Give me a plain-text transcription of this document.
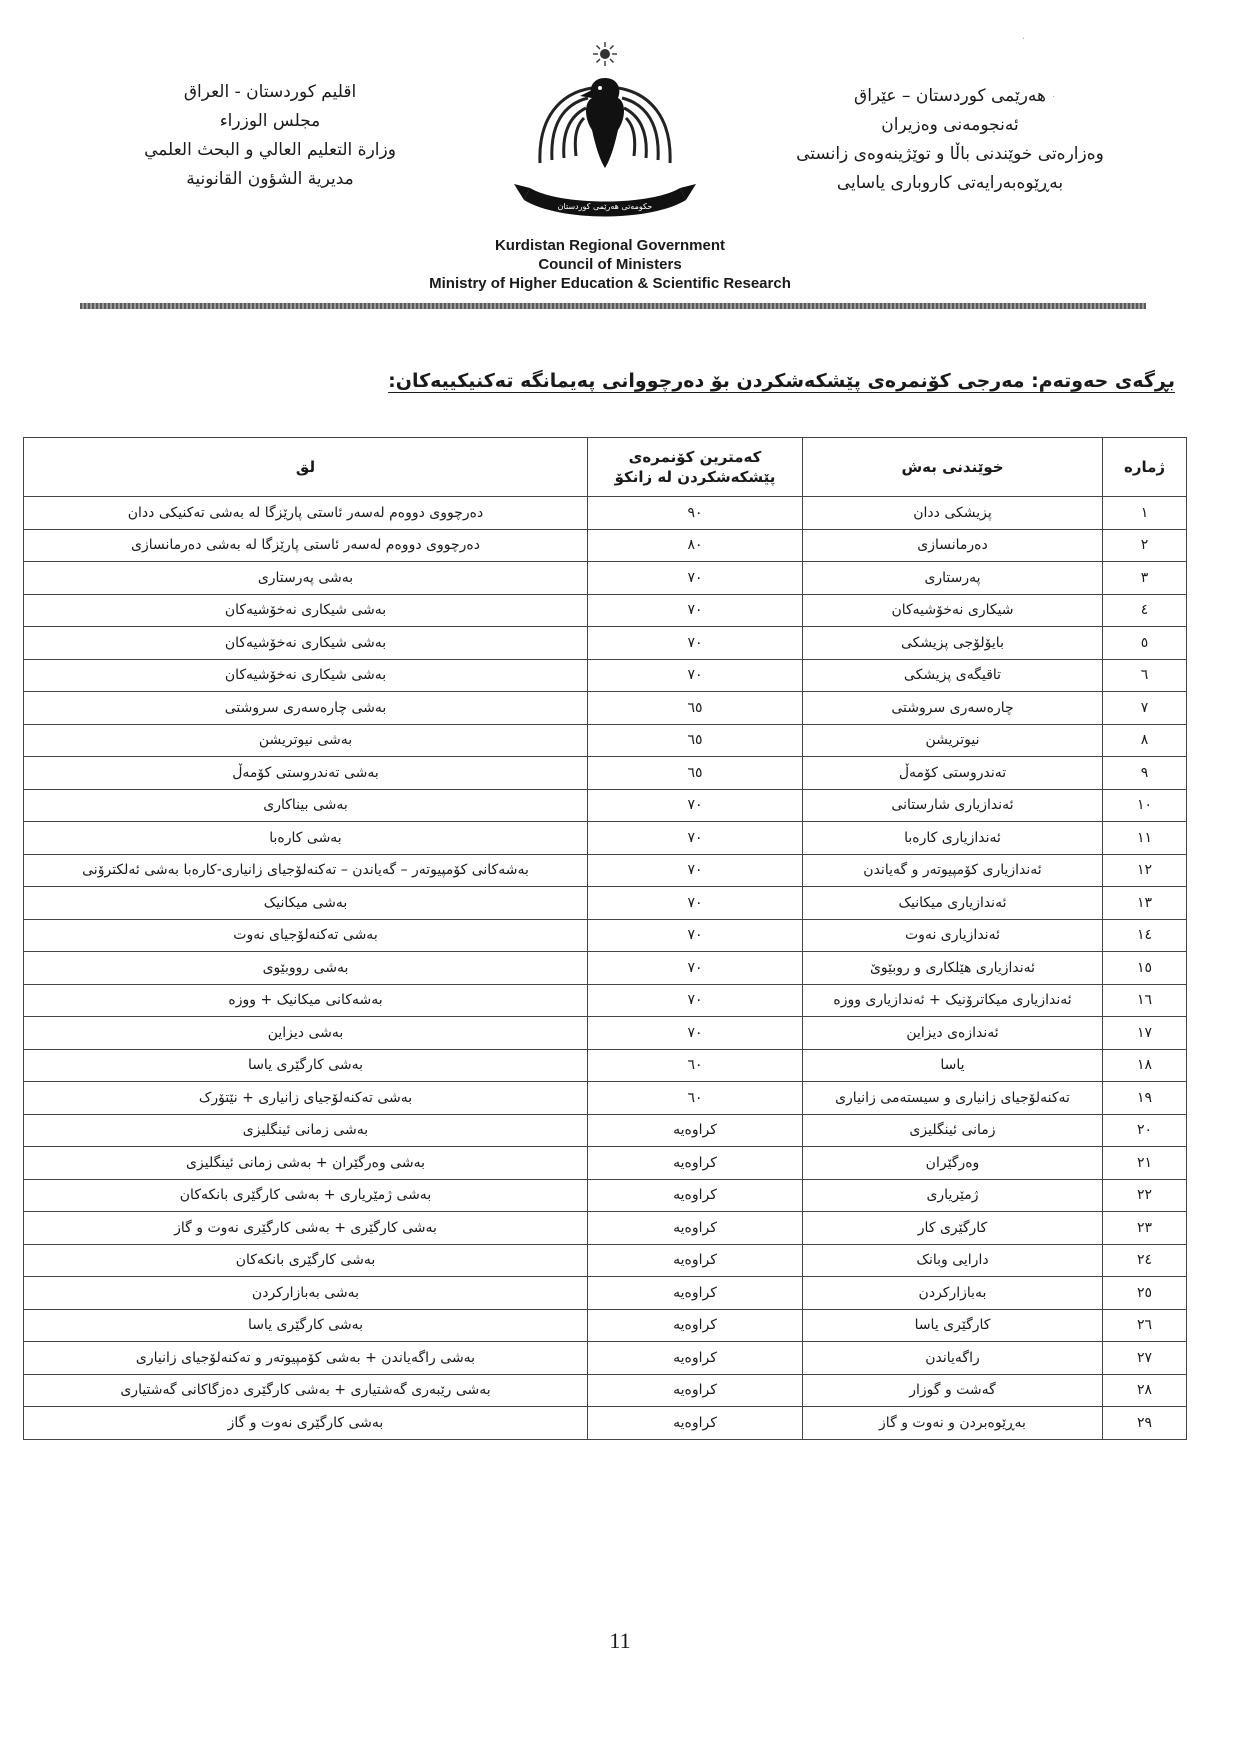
اقليم كوردستان - العراق
مجلس الوزراء
وزارة التعليم العالي و البحث العلمي
مديرية الشؤون القانونية
حکومەتی هەرێمی کوردستان
هەرێمی کوردستان – عێراق
ئەنجومەنی وەزیران
وەزارەتی خوێندنی باڵا و توێژینەوەی زانستی
بەڕێوەبەرایەتی کاروباری یاسایی
Kurdistan Regional Government
Council of Ministers
Ministry of Higher Education & Scientific Research
بڕگەی حەوتەم: مەرجی کۆنمرەی پێشکەشکردن بۆ دەرچووانی پەیمانگە تەکنیکییەکان:
ژمارە	خوێندنی بەش	کەمترین کۆنمرەی پێشکەشکردن لە زانکۆ	لق
١	پزیشکی ددان	٩٠	دەرچووی دووەم لەسەر ئاستی پارێزگا لە بەشی تەکنیکی ددان
٢	دەرمانسازی	٨٠	دەرچووی دووەم لەسەر ئاستی پارێزگا لە بەشی دەرمانسازی
٣	پەرستاری	٧٠	بەشی پەرستاری
٤	شیکاری نەخۆشیەکان	٧٠	بەشی شیکاری نەخۆشیەکان
٥	بایۆلۆجی پزیشکی	٧٠	بەشی شیکاری نەخۆشیەکان
٦	تاقیگەی پزیشکی	٧٠	بەشی شیکاری نەخۆشیەکان
٧	چارەسەری سروشتی	٦٥	بەشی چارەسەری سروشتی
٨	نیوتریشن	٦٥	بەشی نیوتریشن
٩	تەندروستی کۆمەڵ	٦٥	بەشی تەندروستی کۆمەڵ
١٠	ئەندازیاری شارستانی	٧٠	بەشی بیناکاری
١١	ئەندازیاری کارەبا	٧٠	بەشی کارەبا
١٢	ئەندازیاری کۆمپیوتەر و گەیاندن	٧٠	بەشەکانی کۆمپیوتەر – گەیاندن – تەکنەلۆجیای زانیاری-کارەبا بەشی ئەلکترۆنی
١٣	ئەندازیاری میکانیک	٧٠	بەشی میکانیک
١٤	ئەندازیاری نەوت	٧٠	بەشی تەکنەلۆجیای نەوت
١٥	ئەندازیاری هێلکاری و روبێوێ	٧٠	بەشی رووبێوی
١٦	ئەندازیاری میکاترۆنیک + ئەندازیاری ووزە	٧٠	بەشەکانی میکانیک + ووزە
١٧	ئەندازەی دیزاین	٧٠	بەشی دیزاین
١٨	یاسا	٦٠	بەشی کارگێری یاسا
١٩	تەکنەلۆجیای زانیاری و سیستەمی زانیاری	٦٠	بەشی تەکنەلۆجیای زانیاری + نێتۆرک
٢٠	زمانی ئینگلیزی	کراوەیە	بەشی زمانی ئینگلیزی
٢١	وەرگێران	کراوەیە	بەشی وەرگێران + بەشی زمانی ئینگلیزی
٢٢	ژمێریاری	کراوەیە	بەشی ژمێریاری + بەشی کارگێری بانکەکان
٢٣	کارگێری کار	کراوەیە	بەشی کارگێری + بەشی کارگێری نەوت و گاز
٢٤	دارایی وبانک	کراوەیە	بەشی کارگێری بانکەکان
٢٥	بەبازارکردن	کراوەیە	بەشی بەبازارکردن
٢٦	کارگێری یاسا	کراوەیە	بەشی کارگێری یاسا
٢٧	راگەیاندن	کراوەیە	بەشی راگەیاندن + بەشی کۆمپیوتەر و تەکنەلۆجیای زانیاری
٢٨	گەشت و گوزار	کراوەیە	بەشی رێبەری گەشتیاری + بەشی کارگێری دەزگاکانی گەشتیاری
٢٩	بەڕێوەبردن و نەوت و گاز	کراوەیە	بەشی کارگێری نەوت و گاز
11
·
·
